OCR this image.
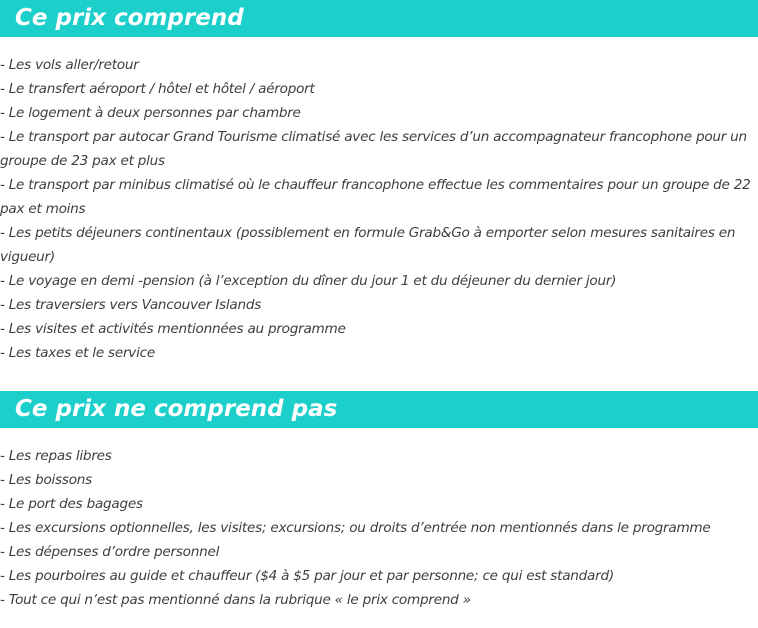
Ce prix comprend
- Les vols aller/retour
- Le transfert aéroport / hôtel et hôtel / aéroport
- Le logement à deux personnes par chambre
- Le transport par autocar Grand Tourisme climatisé avec les services d’un accompagnateur francophone pour un groupe de 23 pax et plus
- Le transport par minibus climatisé où le chauffeur francophone effectue les commentaires pour un groupe de 22 pax et moins
- Les petits déjeuners continentaux (possiblement en formule Grab&Go à emporter selon mesures sanitaires en vigueur)
- Le voyage en demi -pension (à l’exception du dîner du jour 1 et du déjeuner du dernier jour)
- Les traversiers vers Vancouver Islands
- Les visites et activités mentionnées au programme
- Les taxes et le service
Ce prix ne comprend pas
- Les repas libres
- Les boissons
- Le port des bagages
- Les excursions optionnelles, les visites; excursions; ou droits d’entrée non mentionnés dans le programme
- Les dépenses d’ordre personnel
- Les pourboires au guide et chauffeur ($4 à $5 par jour et par personne; ce qui est standard)
- Tout ce qui n’est pas mentionné dans la rubrique « le prix comprend »
